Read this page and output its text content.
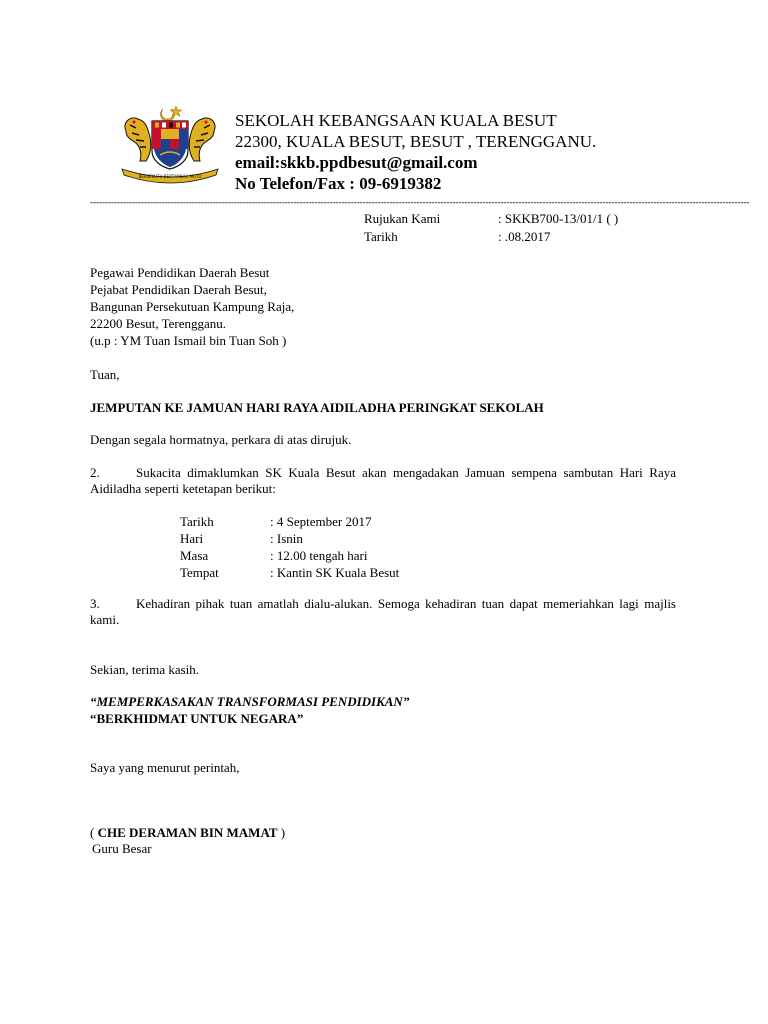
BERSEKUTU BERTAMBAH MUTU
SEKOLAH KEBANGSAAN KUALA BESUT
22300, KUALA BESUT, BESUT , TERENGGANU.
email:skkb.ppdbesut@gmail.com
No Telefon/Fax : 09-6919382
----------------------------------------------------------------------------------------------------------------------------------------------------------------------------------------------------------------------------
Rujukan Kami	: SKKB700-13/01/1 ( )
Tarikh	: .08.2017
Pegawai Pendidikan Daerah Besut
Pejabat Pendidikan Daerah Besut,
Bangunan Persekutuan Kampung Raja,
22200 Besut, Terengganu.
(u.p : YM Tuan Ismail bin Tuan Soh )
Tuan,
JEMPUTAN KE JAMUAN HARI RAYA AIDILADHA PERINGKAT SEKOLAH
Dengan segala hormatnya, perkara di atas dirujuk.
2.	Sukacita dimaklumkan SK Kuala Besut akan mengadakan Jamuan sempena sambutan Hari Raya Aidiladha seperti ketetapan berikut:
Tarikh	: 4 September 2017
Hari	: Isnin
Masa	: 12.00 tengah hari
Tempat	: Kantin SK Kuala Besut
3.	Kehadiran pihak tuan amatlah dialu-alukan. Semoga kehadiran tuan dapat memeriahkan lagi majlis kami.
Sekian, terima kasih.
“MEMPERKASAKAN TRANSFORMASI PENDIDIKAN”
“BERKHIDMAT UNTUK NEGARA”
Saya yang menurut perintah,
( CHE DERAMAN BIN MAMAT )
Guru Besar
